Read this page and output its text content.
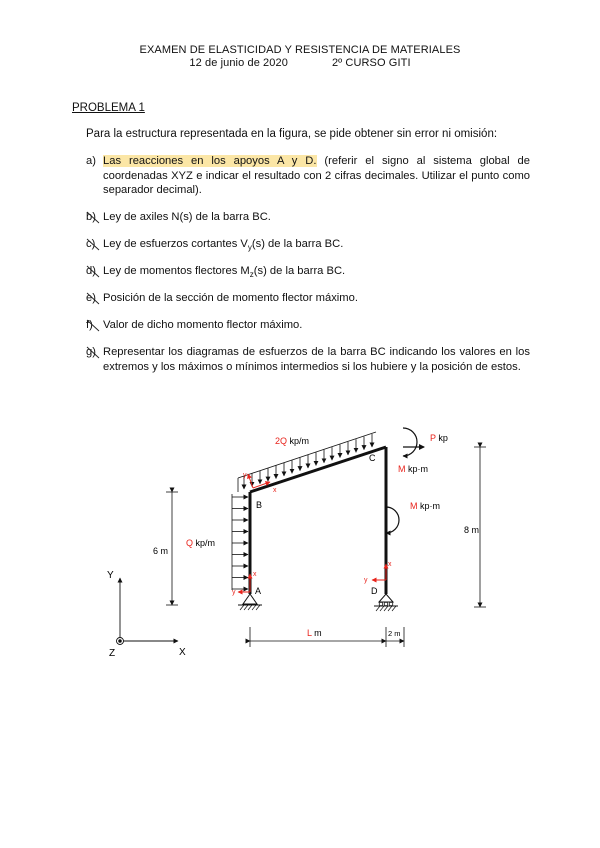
EXAMEN DE ELASTICIDAD Y RESISTENCIA DE MATERIALES
12 de junio de 2020	2º CURSO GITI
PROBLEMA 1
Para la estructura representada en la figura, se pide obtener sin error ni omisión:
a) Las reacciones en los apoyos A y D. (referir el signo al sistema global de coordenadas XYZ e indicar el resultado con 2 cifras decimales. Utilizar el punto como separador decimal).
b) Ley de axiles N(s) de la barra BC.
c) Ley de esfuerzos cortantes $V_y(s)$ de la barra BC.
d) Ley de momentos flectores $M_z(s)$ de la barra BC.
e) Posición de la sección de momento flector máximo.
f) Valor de dicho momento flector máximo.
g) Representar los diagramas de esfuerzos de la barra BC indicando los valores en los extremos y los máximos o mínimos intermedios si los hubiere y la posición de estos.
2Q kp/m
Q kp/m
P kp
M kp·m
M kp·m
B
C
A	D
6 m
8 m
L m	2 m
Y
X
Z
x
y
x
y
x
y
